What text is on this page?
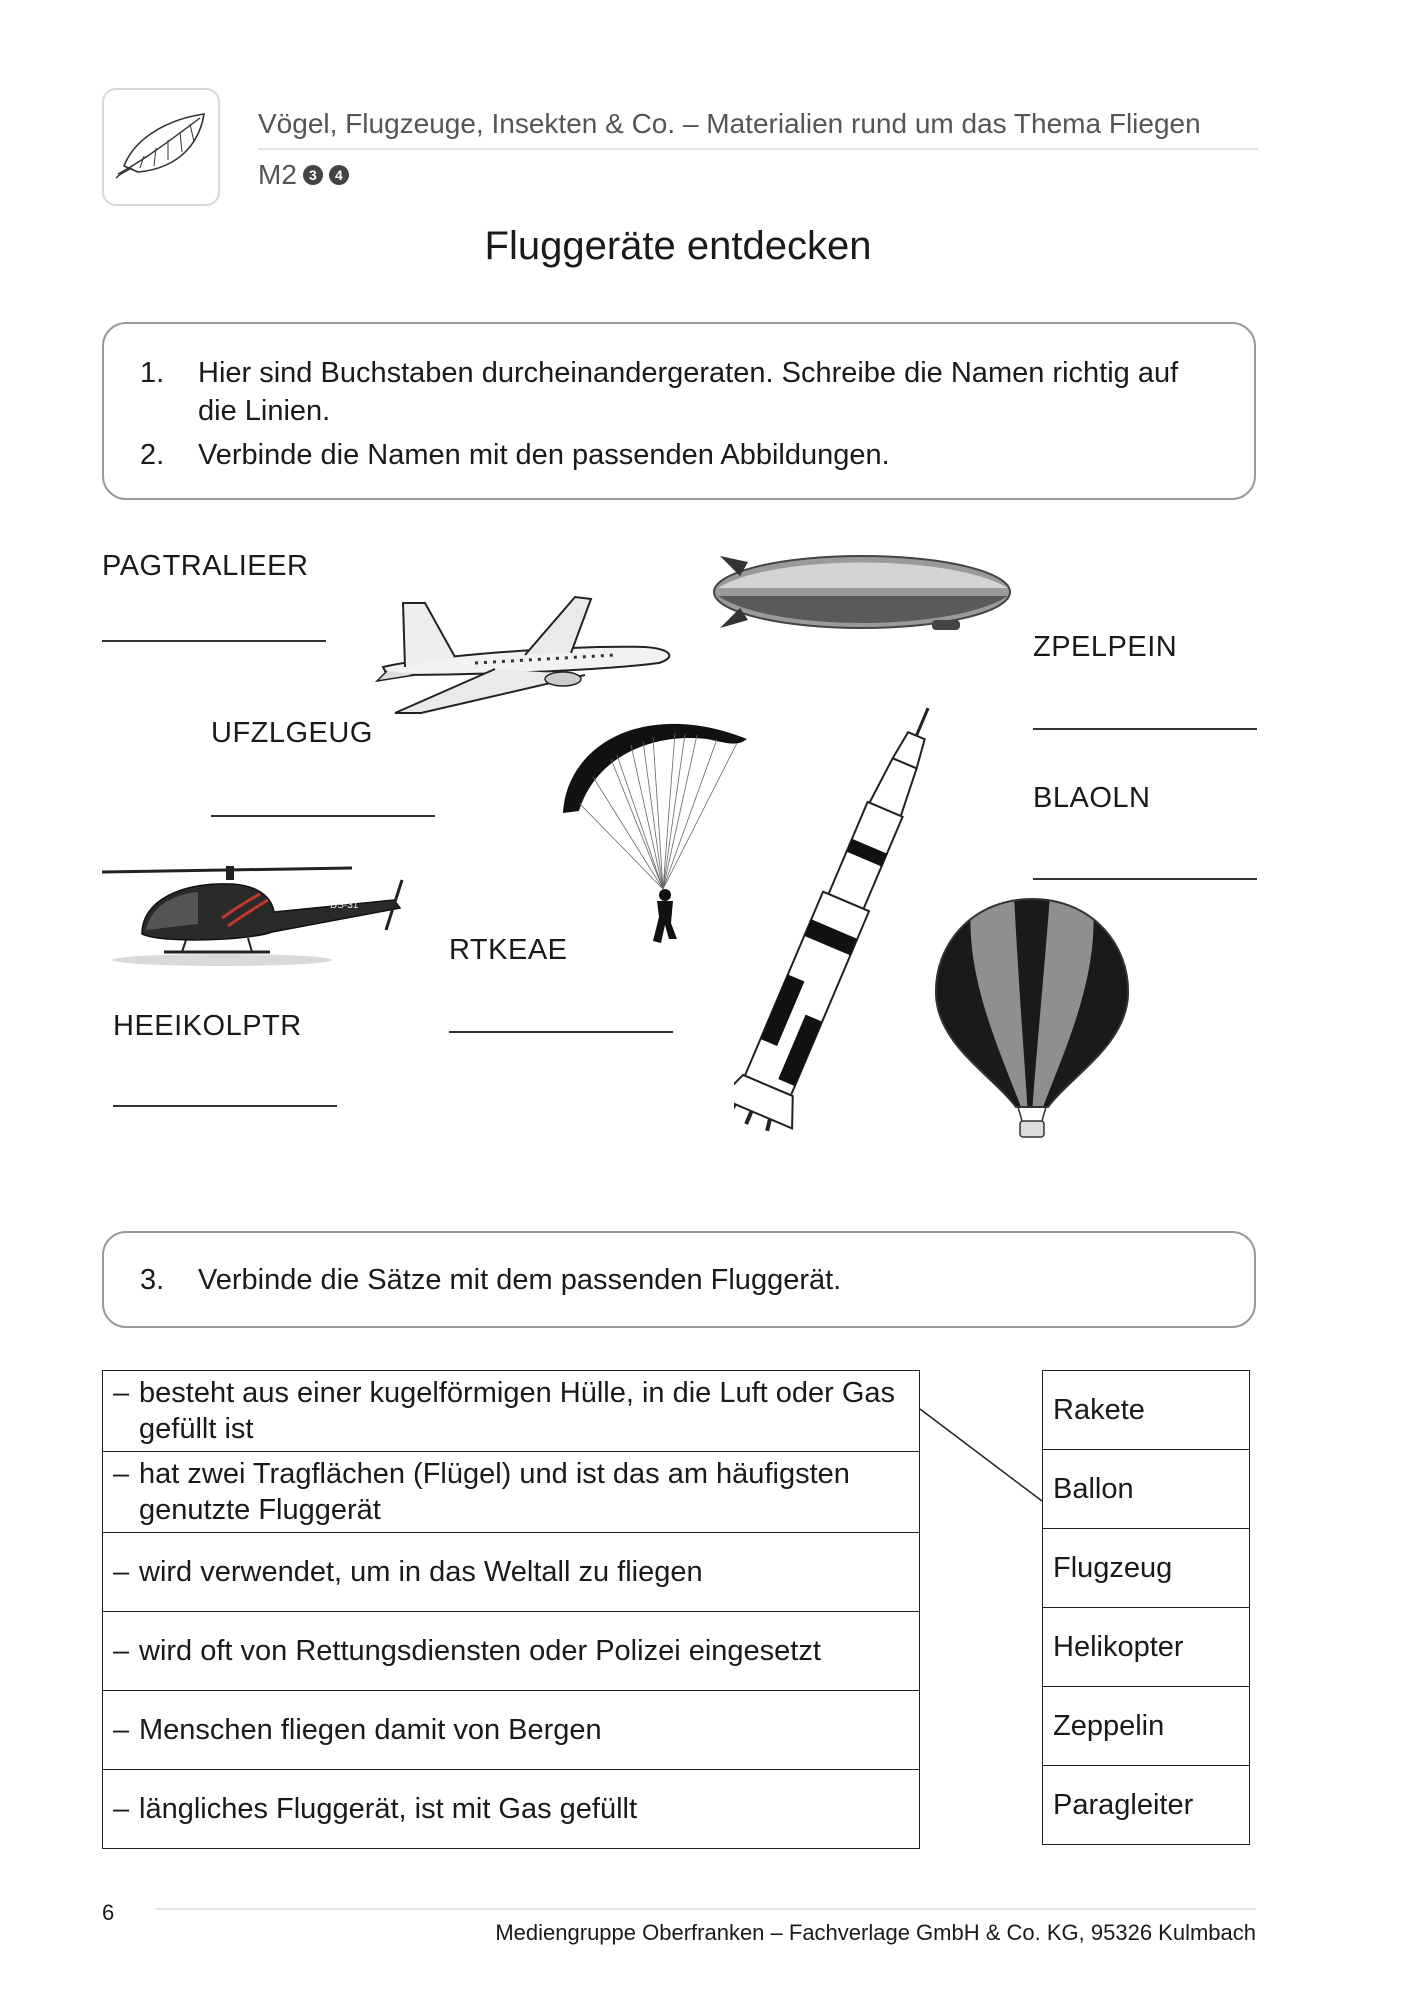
Vögel, Flugzeuge, Insekten & Co. – Materialien rund um das Thema Fliegen
M2 3	4
Fluggeräte entdecken
1.	Hier sind Buchstaben durcheinandergeraten. Schreibe die Namen richtig auf die Linien.
2.	Verbinde die Namen mit den passenden Abbildungen.
PAGTRALIEER
UFZLGEUG
HEEIKOLPTR
RTKEAE
ZPELPEIN
BLAOLN
DS-31
3.	Verbinde die Sätze mit dem passenden Fluggerät.
– besteht aus einer kugelförmigen Hülle, in die Luft oder Gas gefüllt ist

– hat zwei Tragflächen (Flügel) und ist das am häufigsten genutzte Fluggerät

– wird verwendet, um in das Weltall zu fliegen

– wird oft von Rettungsdiensten oder Polizei eingesetzt

– Menschen fliegen damit von Bergen

– längliches Fluggerät, ist mit Gas gefüllt
Rakete
Ballon
Flugzeug
Helikopter
Zeppelin
Paragleiter
6
Mediengruppe Oberfranken – Fachverlage GmbH & Co. KG, 95326 Kulmbach
